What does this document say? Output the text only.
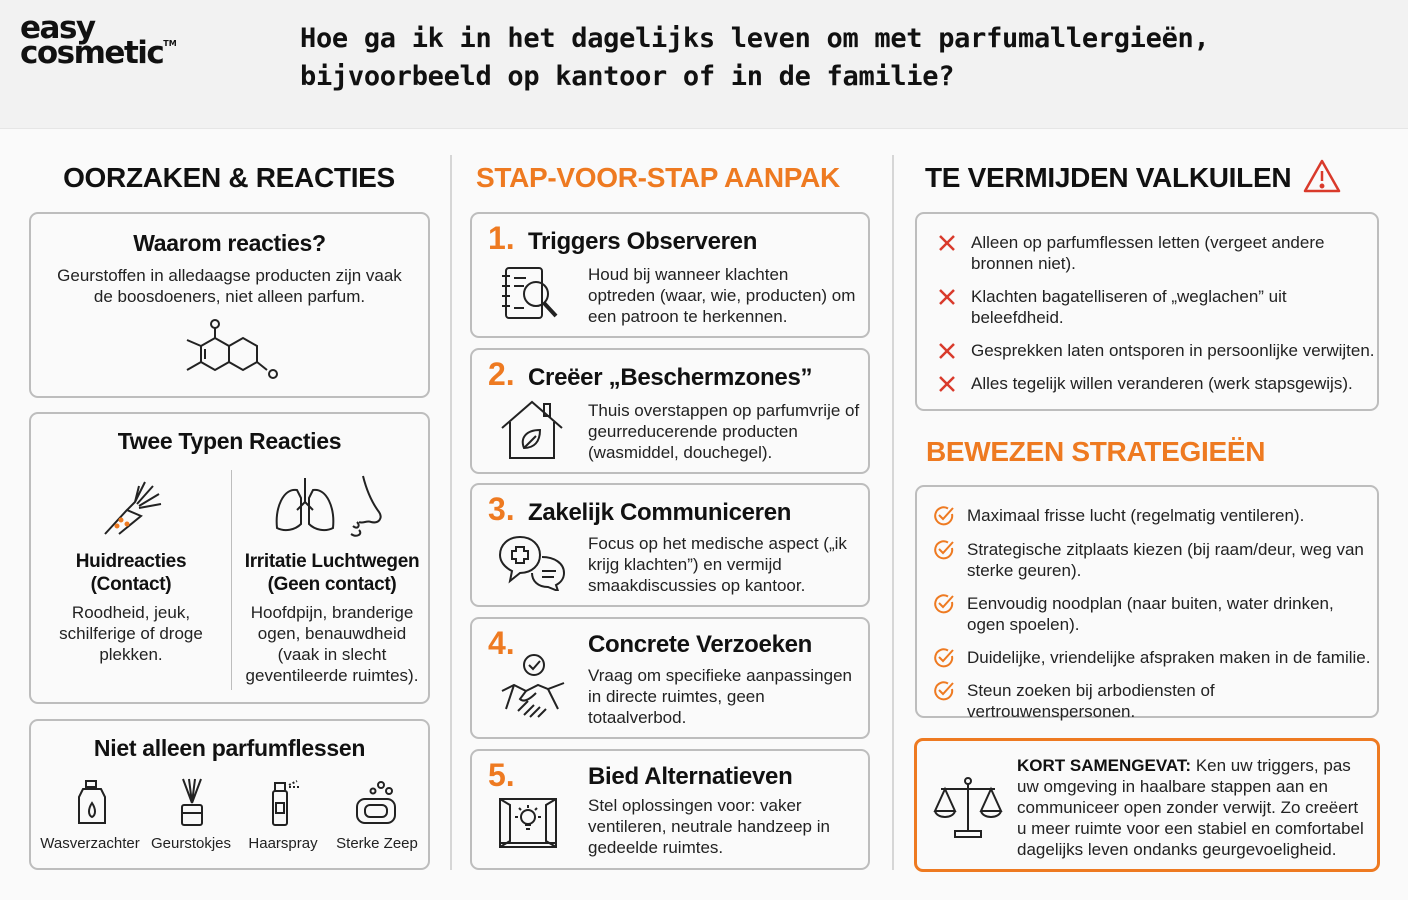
easy
cosmetic™	Hoe ga ik in het dagelijks leven om met parfumallergieën, bijvoorbeeld op kantoor of in de familie?
OORZAKEN & REACTIES
Waarom reacties?
Geurstoffen in alledaagse producten zijn vaak de boosdoeners, niet alleen parfum.
Twee Typen Reacties
Huidreacties (Contact)
Roodheid, jeuk, schilferige of droge plekken.
Irritatie Luchtwegen (Geen contact)
Hoofdpijn, branderige ogen, benauwdheid (vaak in slecht geventileerde ruimtes).
Niet alleen parfumflessen
Wasverzachter Geurstokjes	Haarspray	Sterke Zeep
STAP-VOOR-STAP AANPAK
1. Triggers Observeren
Houd bij wanneer klachten optreden (waar, wie, producten) om een patroon te herkennen.
2. Creëer „Beschermzones”
Thuis overstappen op parfumvrije of geurreducerende producten (wasmiddel, douchegel).
3. Zakelijk Communiceren
Focus op het medische aspect („ik krijg klachten”) en vermijd smaakdiscussies op kantoor.
4.	Concrete Verzoeken
Vraag om specifieke aanpassingen in directe ruimtes, geen totaalverbod.
5.	Bied Alternatieven
Stel oplossingen voor: vaker ventileren, neutrale handzeep in gedeelde ruimtes.
TE VERMIJDEN VALKUILEN
Alleen op parfumflessen letten (vergeet andere bronnen niet).
Klachten bagatelliseren of „weglachen” uit beleefdheid.
Gesprekken laten ontsporen in persoonlijke verwijten.
Alles tegelijk willen veranderen (werk stapsgewijs).
BEWEZEN STRATEGIEËN
Maximaal frisse lucht (regelmatig ventileren).
Strategische zitplaats kiezen (bij raam/deur, weg van sterke geuren).
Eenvoudig noodplan (naar buiten, water drinken, ogen spoelen).
Duidelijke, vriendelijke afspraken maken in de familie.
Steun zoeken bij arbodiensten of vertrouwenspersonen.
KORT SAMENGEVAT: Ken uw triggers, pas uw omgeving in haalbare stappen aan en communiceer open zonder verwijt. Zo creëert u meer ruimte voor een stabiel en comfortabel dagelijks leven ondanks geurgevoeligheid.
